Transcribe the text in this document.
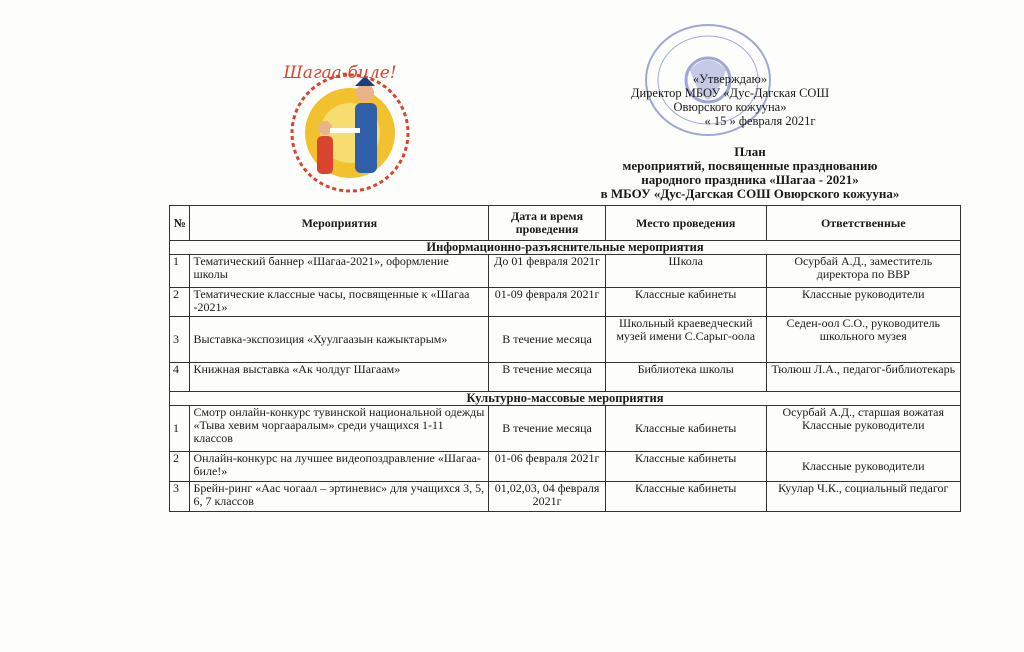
Шагаа-биле!	«Утверждаю»
Директор МБОУ «Дус-Дагская СОШ
Овюрского кожууна»
« 15 » февраля 2021г
План
мероприятий, посвященные празднованию
народного праздника «Шагаа - 2021»
в МБОУ «Дус-Дагская СОШ Овюрского кожууна»
№	Мероприятия	Дата и время проведения	Место проведения	Ответственные
Информационно-разъяснительные мероприятия				
1	Тематический баннер «Шагаа-2021», оформление школы	До 01 февраля 2021г	Школа	Осурбай А.Д., заместитель директора по ВВР
2	Тематические классные часы, посвященные к «Шагаа -2021»	01-09 февраля 2021г	Классные кабинеты	Классные руководители
3	Выставка-экспозиция «Хуулгаазын кажыктарым»	В течение месяца	Школьный краеведческий музей имени С.Сарыг-оола	Седен-оол С.О., руководитель школьного музея
4	Книжная выставка «Ак чолдуг Шагаам»	В течение месяца	Библиотека школы	Тюлюш Л.А., педагог-библиотекарь
Культурно-массовые мероприятия				
1	Смотр онлайн-конкурс тувинской национальной одежды «Тыва хевим чоргааралым» среди учащихся 1-11 классов	В течение месяца	Классные кабинеты	Осурбай А.Д., старшая вожатая Классные руководители
2	Онлайн-конкурс на лучшее видеопоздравление «Шагаа-биле!»	01-06 февраля 2021г	Классные кабинеты	Классные руководители
3	Брейн-ринг «Аас чогаал – эртиневис» для учащихся 3, 5, 6, 7 классов	01,02,03, 04 февраля 2021г	Классные кабинеты	Куулар Ч.К., социальный педагог
